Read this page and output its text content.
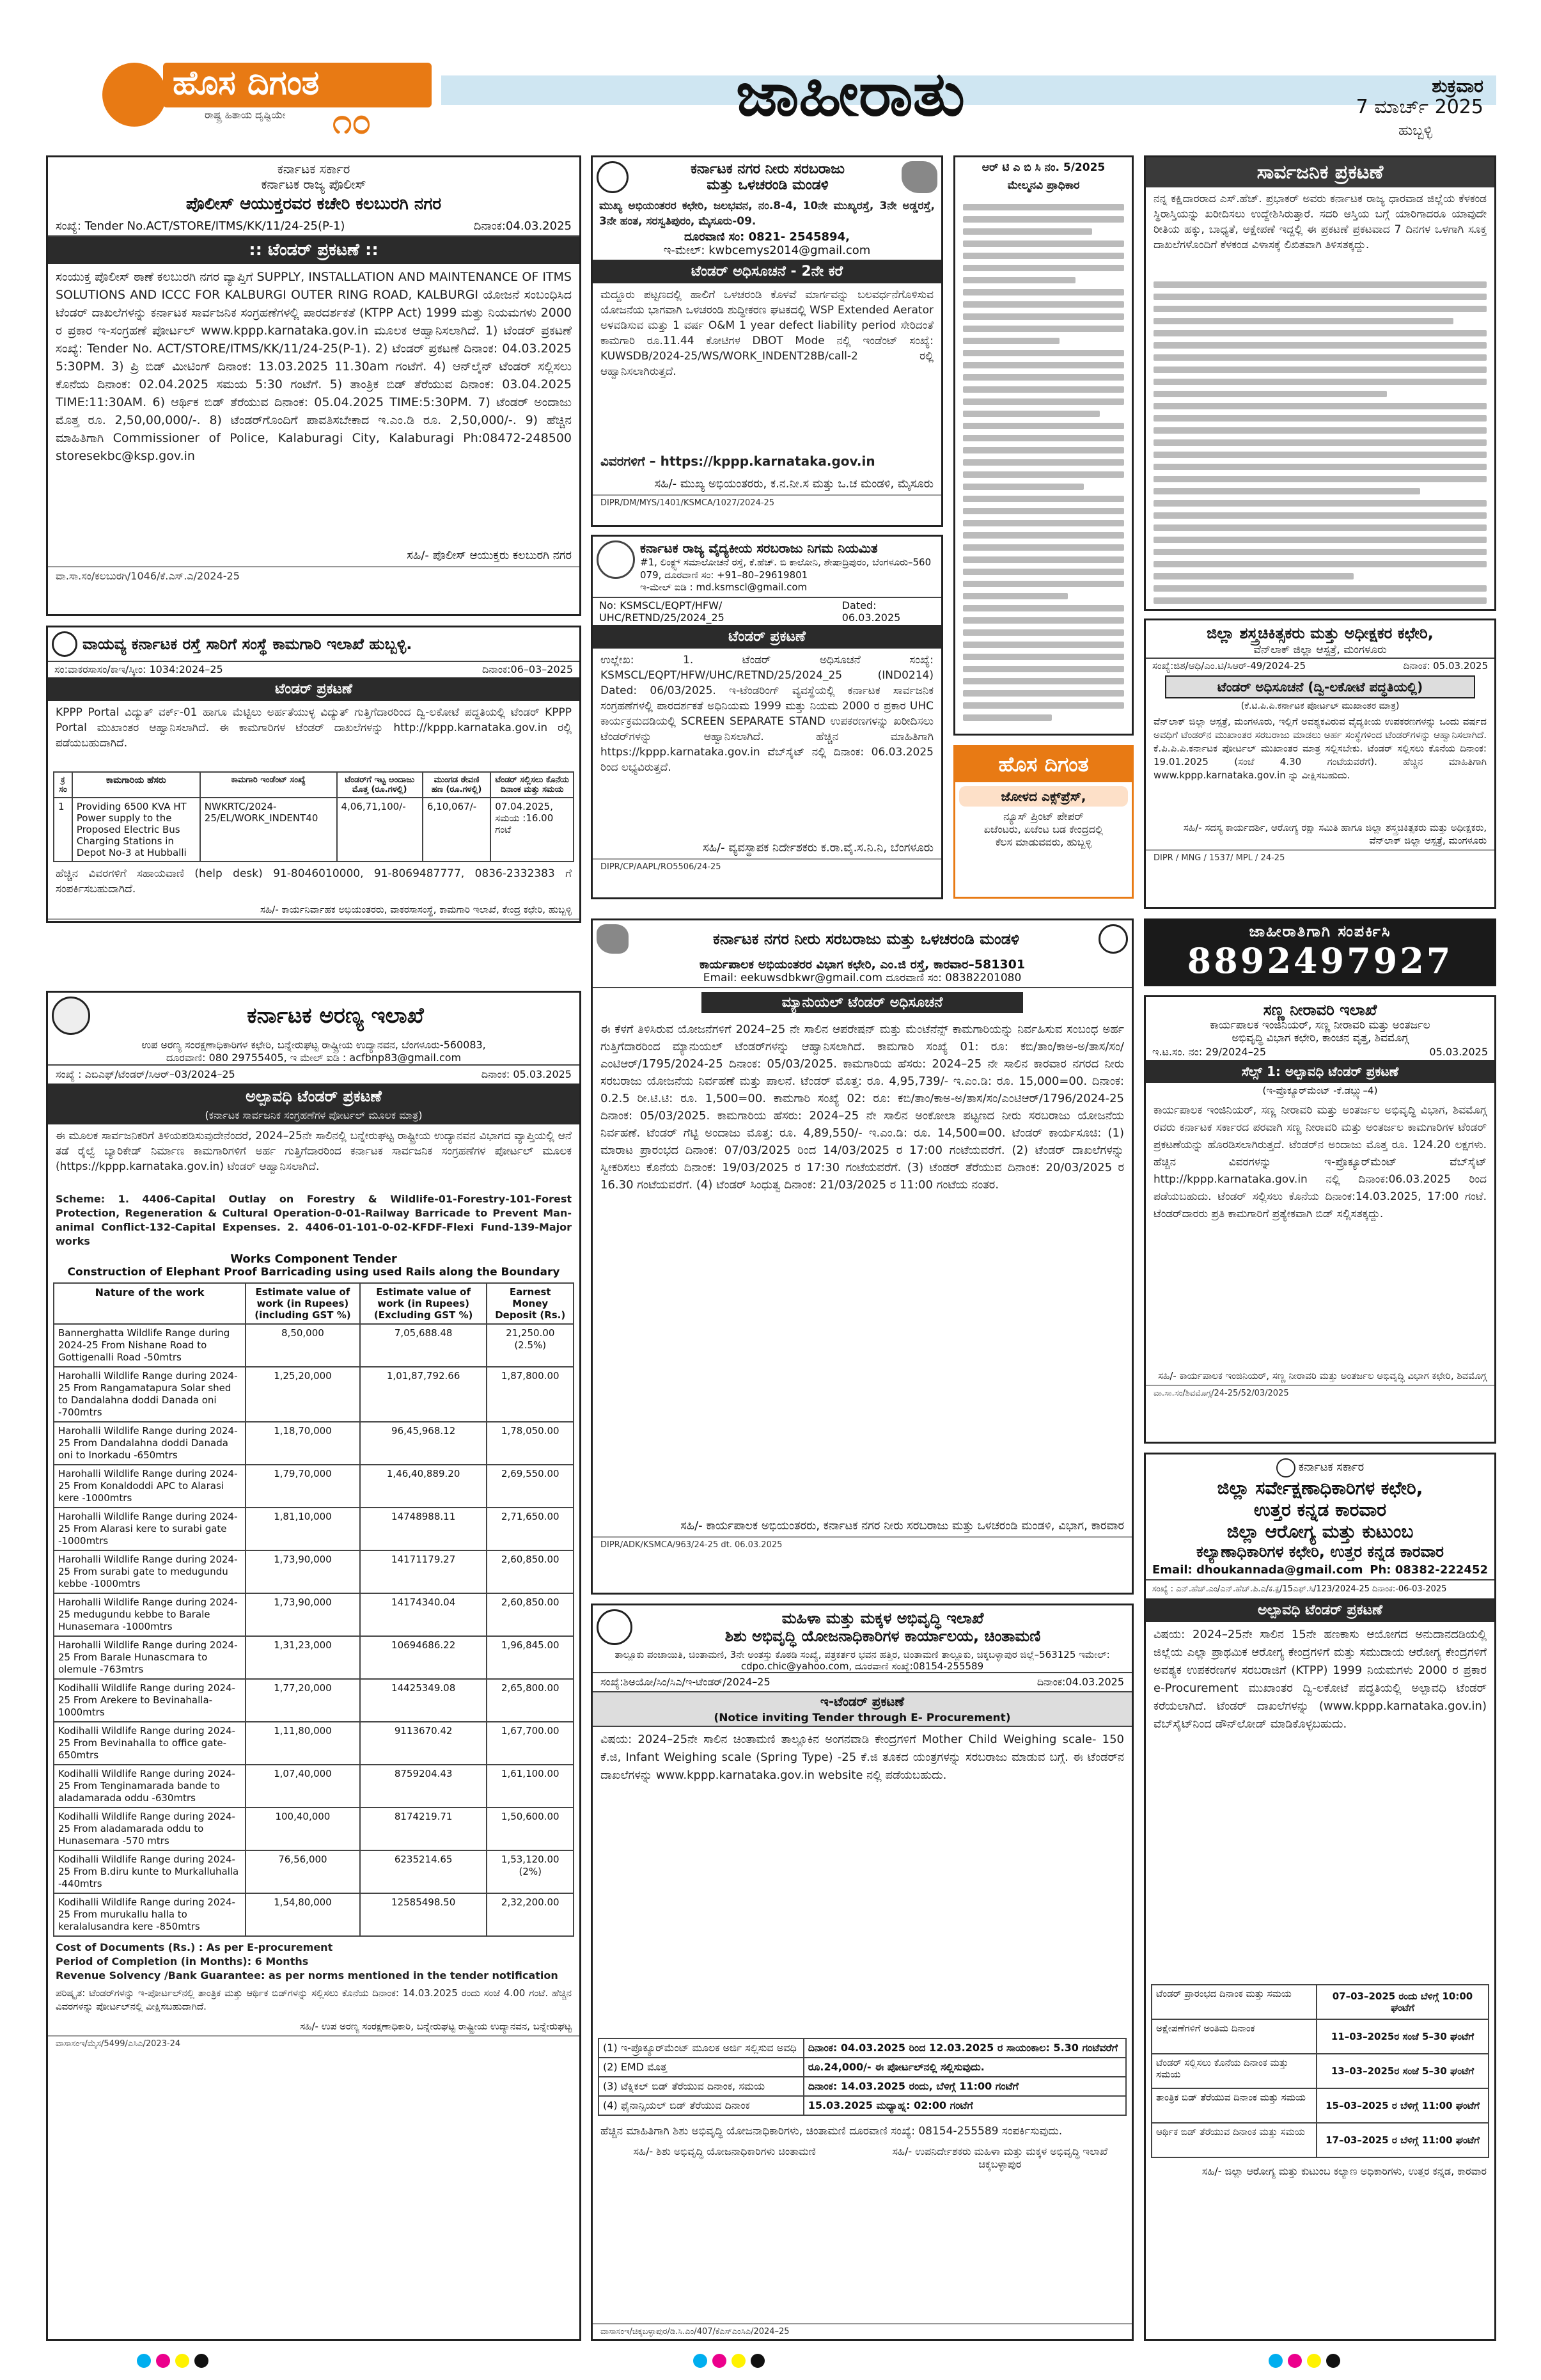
ಹೊಸ ದಿಗಂತ
ರಾಷ್ಟ್ರ ಹಿತಾಯ ದೃಷ್ಟಿಯೇ ೧೦	ಜಾಹೀರಾತು	ಶುಕ್ರವಾರ
7 ಮಾರ್ಚ್ 2025
ಹುಬ್ಬಳ್ಳಿ
ಕರ್ನಾಟಕ ಸರ್ಕಾರ
ಕರ್ನಾಟಕ ರಾಜ್ಯ ಪೊಲೀಸ್
ಪೊಲೀಸ್ ಆಯುಕ್ತರವರ ಕಚೇರಿ ಕಲಬುರಗಿ ನಗರ
ಸಂಖ್ಯೆ: Tender No.ACT/STORE/ITMS/KK/11/24-25(P-1)	ದಿನಾಂಕ:04.03.2025
:: ಟೆಂಡರ್ ಪ್ರಕಟಣೆ ::
ಸಂಯುಕ್ತ ಪೊಲೀಸ್ ಠಾಣೆ ಕಲಬುರಗಿ ನಗರ ವ್ಯಾಪ್ತಿಗೆ SUPPLY, INSTALLATION AND MAINTENANCE OF ITMS SOLUTIONS AND ICCC FOR KALBURGI OUTER RING ROAD, KALBURGI ಯೋಜನೆ ಸಂಬಂಧಿಸಿದ ಟೆಂಡರ್‌ ದಾಖಲೆಗಳನ್ನು ಕರ್ನಾಟಕ ಸಾರ್ವಜನಿಕ ಸಂಗ್ರಹಣೆಗಳಲ್ಲಿ ಪಾರದರ್ಶಕತೆ (KTPP Act) 1999 ಮತ್ತು ನಿಯಮಗಳು 2000 ರ ಪ್ರಕಾರ ಇ-ಸಂಗ್ರಹಣೆ ಪೋರ್ಟಲ್ www.kppp.karnataka.gov.in ಮೂಲಕ ಆಹ್ವಾನಿಸಲಾಗಿದೆ. 1) ಟೆಂಡರ್ ಪ್ರಕಟಣೆ ಸಂಖ್ಯೆ: Tender No. ACT/STORE/ITMS/KK/11/24-25(P-1). 2) ಟೆಂಡರ್ ಪ್ರಕಟಣೆ ದಿನಾಂಕ: 04.03.2025 5:30PM. 3) ಪ್ರಿ ಬಿಡ್ ಮೀಟಿಂಗ್ ದಿನಾಂಕ: 13.03.2025 11.30am ಗಂಟೆಗೆ. 4) ಆನ್‌ಲೈನ್ ಟೆಂಡರ್ ಸಲ್ಲಿಸಲು ಕೊನೆಯ ದಿನಾಂಕ: 02.04.2025 ಸಮಯ 5:30 ಗಂಟೆಗೆ. 5) ತಾಂತ್ರಿಕ ಬಿಡ್ ತೆರೆಯುವ ದಿನಾಂಕ: 03.04.2025 TIME:11:30AM. 6) ಆರ್ಥಿಕ ಬಿಡ್ ತೆರೆಯುವ ದಿನಾಂಕ: 05.04.2025 TIME:5:30PM. 7) ಟೆಂಡರ್ ಅಂದಾಜು ಮೊತ್ತ ರೂ. 2,50,00,000/-. 8) ಟೆಂಡರ್‌ಗೊಂದಿಗೆ ಪಾವತಿಸಬೇಕಾದ ಇ.ಎಂ.ಡಿ ರೂ. 2,50,000/-. 9) ಹೆಚ್ಚಿನ ಮಾಹಿತಿಗಾಗಿ Commissioner of Police, Kalaburagi City, Kalaburagi Ph:08472-248500 storesekbc@ksp.gov.in
ಸಹಿ/- ಪೊಲೀಸ್ ಆಯುಕ್ತರು ಕಲಬುರಗಿ ನಗರ
ವಾ.ಸಾ.ಸಂ/ಕಲಬುರಗಿ/1046/ಕೆ.ಎಸ್.ಎ/2024-25
ಕರ್ನಾಟಕ ನಗರ ನೀರು ಸರಬರಾಜು
ಮತ್ತು ಒಳಚರಂಡಿ ಮಂಡಳಿ
ಮುಖ್ಯ ಅಭಿಯಂತರರ ಕಛೇರಿ, ಜಲಭವನ, ನಂ.8-4, 10ನೇ ಮುಖ್ಯರಸ್ತೆ, 3ನೇ ಅಡ್ಡರಸ್ತೆ, 3ನೇ ಹಂತ, ಸರಸ್ವತಿಪುರಂ, ಮೈಸೂರು-09.
ದೂರವಾಣಿ ಸಂ: 0821- 2545894,
ಇ-ಮೇಲ್: kwbcemys2014@gmail.com
ಟೆಂಡರ್ ಅಧಿಸೂಚನೆ - 2ನೇ ಕರೆ
ಮದ್ದೂರು ಪಟ್ಟಣದಲ್ಲಿ ಹಾಲಿಗೆ ಒಳಚರಂಡಿ ಕೊಳವೆ ಮಾರ್ಗವನ್ನು ಬಲವರ್ಧನೆಗೊಳಿಸುವ ಯೋಜನೆಯ ಭಾಗವಾಗಿ ಒಳಚರಂಡಿ ಶುದ್ಧೀಕರಣ ಘಟಕದಲ್ಲಿ WSP Extended Aerator ಅಳವಡಿಸುವ ಮತ್ತು 1 ವರ್ಷ O&M 1 year defect liability period ಸೇರಿದಂತೆ ಕಾಮಗಾರಿ ರೂ.11.44 ಕೋಟಿಗಳ DBOT Mode ನಲ್ಲಿ ಇಂಡೆಂಟ್ ಸಂಖ್ಯೆ: KUWSDB/2024-25/WS/WORK_INDENT28B/call-2 ರಲ್ಲಿ ಆಹ್ವಾನಿಸಲಾಗಿರುತ್ತದೆ.
ವಿವರಗಳಿಗೆ – https://kppp.karnataka.gov.in
ಸಹಿ/- ಮುಖ್ಯ ಅಭಿಯಂತರರು, ಕ.ನ.ನೀ.ಸ ಮತ್ತು ಒ.ಚ ಮಂಡಳಿ, ಮೈಸೂರು
DIPR/DM/MYS/1401/KSMCA/1027/2024-25
ಆರ್ ಟಿ ಎ ಬಿ ಸಿ ನಂ. 5/2025
ಮೇಲ್ಮನವಿ ಪ್ರಾಧಿಕಾರ
ಸಾರ್ವಜನಿಕ ಪ್ರಕಟಣೆ
ನನ್ನ ಕಕ್ಷಿದಾರರಾದ ಎಸ್.ಹೆಚ್. ಪ್ರಭಾಕರ್ ಅವರು ಕರ್ನಾಟಕ ರಾಜ್ಯ ಧಾರವಾಡ ಜಿಲ್ಲೆಯ ಕೆಳಕಂಡ ಸ್ಥಿರಾಸ್ತಿಯನ್ನು ಖರೀದಿಸಲು ಉದ್ದೇಶಿಸಿರುತ್ತಾರೆ. ಸದರಿ ಆಸ್ತಿಯ ಬಗ್ಗೆ ಯಾರಿಗಾದರೂ ಯಾವುದೇ ರೀತಿಯ ಹಕ್ಕು, ಬಾಧ್ಯತೆ, ಆಕ್ಷೇಪಣೆ ಇದ್ದಲ್ಲಿ ಈ ಪ್ರಕಟಣೆ ಪ್ರಕಟವಾದ 7 ದಿನಗಳ ಒಳಗಾಗಿ ಸೂಕ್ತ ದಾಖಲೆಗಳೊಂದಿಗೆ ಕೆಳಕಂಡ ವಿಳಾಸಕ್ಕೆ ಲಿಖಿತವಾಗಿ ತಿಳಿಸತಕ್ಕದ್ದು.
ಕರ್ನಾಟಕ ರಾಜ್ಯ ವೈದ್ಯಕೀಯ ಸರಬರಾಜು ನಿಗಮ ನಿಯಮಿತ
#1, ಲಿಂಕ್ಟ್ಸ್ ಸಮಾಲೋಚನೆ ರಸ್ತೆ, ಕೆ.ಹೆಚ್. ಬಿ ಕಾಲೋನಿ, ಶೇಷಾದ್ರಿಪುರಂ, ಬೆಂಗಳೂರು–560 079, ದೂರವಾಣಿ ಸಂ: +91–80–29619801
ಇ-ಮೇಲ್ ಐಡಿ : md.ksmscl@gmail.com
No: KSMSCL/EQPT/HFW/ UHC/RETND/25/2024_25
Dated: 06.03.2025
ಟೆಂಡರ್ ಪ್ರಕಟಣೆ
ಉಲ್ಲೇಖ: 1. ಟೆಂಡರ್ ಅಧಿಸೂಚನೆ ಸಂಖ್ಯೆ: KSMSCL/EQPT/HFW/UHC/RETND/25/2024_25 (IND0214) Dated: 06/03/2025. ಇ-ಟೆಂಡರಿಂಗ್ ವ್ಯವಸ್ಥೆಯಲ್ಲಿ ಕರ್ನಾಟಕ ಸಾರ್ವಜನಿಕ ಸಂಗ್ರಹಣೆಗಳಲ್ಲಿ ಪಾರದರ್ಶಕತೆ ಅಧಿನಿಯಮ 1999 ಮತ್ತು ನಿಯಮ 2000 ರ ಪ್ರಕಾರ UHC ಕಾರ್ಯಕ್ರಮದಡಿಯಲ್ಲಿ SCREEN SEPARATE STAND ಉಪಕರಣಗಳನ್ನು ಖರೀದಿಸಲು ಟೆಂಡರ್‌ಗಳನ್ನು ಆಹ್ವಾನಿಸಲಾಗಿದೆ. ಹೆಚ್ಚಿನ ಮಾಹಿತಿಗಾಗಿ https://kppp.karnataka.gov.in ವೆಬ್‌ಸೈಟ್ ನಲ್ಲಿ ದಿನಾಂಕ: 06.03.2025 ರಿಂದ ಲಭ್ಯವಿರುತ್ತದೆ.
ಸಹಿ/- ವ್ಯವಸ್ಥಾಪಕ ನಿರ್ದೇಶಕರು ಕ.ರಾ.ವೈ.ಸ.ನಿ.ನಿ, ಬೆಂಗಳೂರು
DIPR/CP/AAPL/RO5506/24-25
ಜಿಲ್ಲಾ ಶಸ್ತ್ರಚಿಕಿತ್ಸಕರು ಮತ್ತು ಅಧೀಕ್ಷಕರ ಕಛೇರಿ,
ವೆನ್‌ಲಾಕ್ ಜಿಲ್ಲಾ ಆಸ್ಪತ್ರೆ, ಮಂಗಳೂರು
ಸಂಖ್ಯೆ:ಜಿಶ/ಆಧಿ/ಎಂ.ಟಿ/ಸಿಆರ್-49/2024-25	ದಿನಾಂಕ: 05.03.2025
ಟೆಂಡರ್ ಅಧಿಸೂಚನೆ (ದ್ವಿ-ಲಕೋಟೆ ಪದ್ಧತಿಯಲ್ಲಿ)
(ಕೆ.ಟಿ.ಪಿ.ಪಿ.ಕರ್ನಾಟಕ ಪೋರ್ಟಲ್ ಮುಖಾಂತರ ಮಾತ್ರ)
ವೆನ್‌ಲಾಕ್ ಜಿಲ್ಲಾ ಆಸ್ಪತ್ರೆ, ಮಂಗಳೂರು, ಇಲ್ಲಿಗೆ ಅವಶ್ಯಕವಿರುವ ವೈದ್ಯಕೀಯ ಉಪಕರಣಗಳನ್ನು ಒಂದು ವರ್ಷದ ಅವಧಿಗೆ ಟೆಂಡರ್‌ನ ಮುಖಾಂತರ ಸರಬರಾಜು ಮಾಡಲು ಅರ್ಹ ಸಂಸ್ಥೆಗಳಿಂದ ಟೆಂಡರ್‌ಗಳನ್ನು ಆಹ್ವಾನಿಸಲಾಗಿದೆ. ಕೆ.ಪಿ.ಪಿ.ಪಿ.ಕರ್ನಾಟಕ ಪೋರ್ಟಲ್ ಮುಖಾಂತರ ಮಾತ್ರ ಸಲ್ಲಿಸಬೇಕು. ಟೆಂಡರ್ ಸಲ್ಲಿಸಲು ಕೊನೆಯ ದಿನಾಂಕ: 19.01.2025 (ಸಂಜೆ 4.30 ಗಂಟೆಯವರೆಗೆ). ಹೆಚ್ಚಿನ ಮಾಹಿತಿಗಾಗಿ www.kppp.karnataka.gov.in ನ್ನು ವೀಕ್ಷಿಸಬಹುದು.
ಸಹಿ/- ಸದಸ್ಯ ಕಾರ್ಯದರ್ಶಿ, ಆರೋಗ್ಯ ರಕ್ಷಾ ಸಮಿತಿ ಹಾಗೂ ಜಿಲ್ಲಾ ಶಸ್ತ್ರಚಿಕಿತ್ಸಕರು ಮತ್ತು ಅಧೀಕ್ಷಕರು, ವೆನ್‌ಲಾಕ್ ಜಿಲ್ಲಾ ಆಸ್ಪತ್ರೆ, ಮಂಗಳೂರು
DIPR / MNG / 1537/ MPL / 24-25
ವಾಯವ್ಯ ಕರ್ನಾಟಕ ರಸ್ತೆ ಸಾರಿಗೆ ಸಂಸ್ಥೆ ಕಾಮಗಾರಿ ಇಲಾಖೆ ಹುಬ್ಬಳ್ಳಿ.
ಸಂ:ವಾಕರಸಾಸಂ/ಕಾಇ/ಸ್ಕೀಂ: 1034:2024–25	ದಿನಾಂಕ:06–03–2025
ಟೆಂಡರ್ ಪ್ರಕಟಣೆ
KPPP Portal ವಿದ್ಯುತ್ ವರ್ಕ್-01 ಹಾಗೂ ಮೆಟ್ಟಿಲು ಅರ್ಹತೆಯುಳ್ಳ ವಿದ್ಯುತ್ ಗುತ್ತಿಗೆದಾರರಿಂದ ದ್ವಿ-ಲಕೋಟೆ ಪದ್ಧತಿಯಲ್ಲಿ ಟೆಂಡರ್ KPPP Portal ಮುಖಾಂತರ ಆಹ್ವಾನಿಸಲಾಗಿದೆ. ಈ ಕಾಮಗಾರಿಗಳ ಟೆಂಡರ್ ದಾಖಲೆಗಳನ್ನು http://kppp.karnataka.gov.in ರಲ್ಲಿ ಪಡೆಯಬಹುದಾಗಿದೆ.
ಕ್ರ ಸಂ	ಕಾಮಗಾರಿಯ ಹೆಸರು	ಕಾಮಗಾರಿ ಇಂಡೆಂಟ್ ಸಂಖ್ಯೆ	ಟೆಂಡರ್‌ಗೆ ಇಟ್ಟ ಅಂದಾಜು ಮೊತ್ತ (ರೂ.ಗಳಲ್ಲಿ)	ಮುಂಗಡ ಠೇವಣಿ ಹಣ (ರೂ.ಗಳಲ್ಲಿ)	ಟೆಂಡರ್ ಸಲ್ಲಿಸಲು ಕೊನೆಯ ದಿನಾಂಕ ಮತ್ತು ಸಮಯ
1	Providing 6500 KVA HT Power supply to the Proposed Electric Bus Charging Stations in Depot No-3 at Hubballi	NWKRTC/2024-25/EL/WORK_INDENT40	4,06,71,100/-	6,10,067/-	07.04.2025, ಸಮಯ :16.00 ಗಂಟೆ
ಹೆಚ್ಚಿನ ವಿವರಗಳಿಗೆ ಸಹಾಯವಾಣಿ (help desk) 91-8046010000, 91-8069487777, 0836-2332383 ಗೆ ಸಂಪರ್ಕಿಸಬಹುದಾಗಿದೆ.
ಸಹಿ/- ಕಾರ್ಯನಿರ್ವಾಹಕ ಅಭಿಯಂತರರು, ವಾಕರಸಾಸಂಸ್ಥೆ, ಕಾಮಗಾರಿ ಇಲಾಖೆ, ಕೇಂದ್ರ ಕಛೇರಿ, ಹುಬ್ಬಳ್ಳಿ
ಹೊಸ ದಿಗಂತ
ಜೋಳದ ಎಕ್ಸ್‌ಪ್ರೆಸ್,
ನ್ಯೂಸ್ ಪ್ರಿಂಟ್ ಪೇಪರ್
ಏಜೆಂಟರು, ಏಜೆಂಟ ಬಡ ಕೇಂದ್ರದಲ್ಲಿ
ಕೆಲಸ ಮಾಡುವವರು, ಹುಬ್ಬಳ್ಳಿ
ಜಾಹೀರಾತಿಗಾಗಿ ಸಂಪರ್ಕಿಸಿ
8892497927
ಕರ್ನಾಟಕ ನಗರ ನೀರು ಸರಬರಾಜು ಮತ್ತು ಒಳಚರಂಡಿ ಮಂಡಳಿ
ಕಾರ್ಯಪಾಲಕ ಅಭಿಯಂತರರ ವಿಭಾಗ ಕಛೇರಿ, ಎಂ.ಜಿ ರಸ್ತೆ, ಕಾರವಾರ–581301
Email: eekuwsdbkwr@gmail.com ದೂರವಾಣಿ ಸಂ: 08382201080
ಮ್ಯಾನುಯಲ್ ಟೆಂಡರ್ ಅಧಿಸೂಚನೆ
ಈ ಕೆಳಗೆ ತಿಳಿಸಿರುವ ಯೋಜನೆಗಳಿಗೆ 2024–25 ನೇ ಸಾಲಿನ ಆಪರೇಷನ್ ಮತ್ತು ಮೆಂಟೆನೆನ್ಸ್ ಕಾಮಗಾರಿಯನ್ನು ನಿರ್ವಹಿಸುವ ಸಂಬಂಧ ಅರ್ಹ ಗುತ್ತಿಗೆದಾರರಿಂದ ಮ್ಯಾನುಯಲ್ ಟೆಂಡರ್‌ಗಳನ್ನು ಆಹ್ವಾನಿಸಲಾಗಿದೆ. ಕಾಮಗಾರಿ ಸಂಖ್ಯೆ 01: ರೂ: ಕಬಿ/ತಾಂ/ಕಾಅ-ಅ/ತಾಸ/ಸಂ/ಎಂಟಿಆರ್/1795/2024-25 ದಿನಾಂಕ: 05/03/2025. ಕಾಮಗಾರಿಯ ಹೆಸರು: 2024–25 ನೇ ಸಾಲಿನ ಕಾರವಾರ ನಗರದ ನೀರು ಸರಬರಾಜು ಯೋಜನೆಯ ನಿರ್ವಹಣೆ ಮತ್ತು ಪಾಲನೆ. ಟೆಂಡರ್ ಮೊತ್ತ: ರೂ. 4,95,739/- ಇ.ಎಂ.ಡಿ: ರೂ. 15,000=00. ದಿನಾಂಕ: 0.2.5 ರೀ.ಟಿ.ಟಿ: ರೂ. 1,500=00. ಕಾಮಗಾರಿ ಸಂಖ್ಯೆ 02: ರೂ: ಕಬಿ/ತಾಂ/ಕಾಅ-ಅ/ತಾಸ/ಸಂ/ಎಂಟಿಆರ್/1796/2024-25 ದಿನಾಂಕ: 05/03/2025. ಕಾಮಗಾರಿಯ ಹೆಸರು: 2024–25 ನೇ ಸಾಲಿನ ಅಂಕೋಲಾ ಪಟ್ಟಣದ ನೀರು ಸರಬರಾಜು ಯೋಜನೆಯ ನಿರ್ವಹಣೆ. ಟೆಂಡರ್ ಗೆಟ್ಟಿ ಅಂದಾಜು ಮೊತ್ತ: ರೂ. 4,89,550/- ಇ.ಎಂ.ಡಿ: ರೂ. 14,500=00. ಟೆಂಡರ್ ಕಾರ್ಯಸೂಚಿ: (1) ಮಾರಾಟ ಪ್ರಾರಂಭದ ದಿನಾಂಕ: 07/03/2025 ರಿಂದ 14/03/2025 ರ 17:00 ಗಂಟೆಯವರೆಗೆ. (2) ಟೆಂಡರ್ ದಾಖಲೆಗಳನ್ನು ಸ್ವೀಕರಿಸಲು ಕೊನೆಯ ದಿನಾಂಕ: 19/03/2025 ರ 17:30 ಗಂಟೆಯವರೆಗೆ. (3) ಟೆಂಡರ್ ತೆರೆಯುವ ದಿನಾಂಕ: 20/03/2025 ರ 16.30 ಗಂಟೆಯವರೆಗೆ. (4) ಟೆಂಡರ್ ಸಿಂಧುತ್ವ ದಿನಾಂಕ: 21/03/2025 ರ 11:00 ಗಂಟೆಯ ನಂತರ.
ಸಹಿ/- ಕಾರ್ಯಪಾಲಕ ಅಭಿಯಂತರರು, ಕರ್ನಾಟಕ ನಗರ ನೀರು ಸರಬರಾಜು ಮತ್ತು ಒಳಚರಂಡಿ ಮಂಡಳಿ, ವಿಭಾಗ, ಕಾರವಾರ
DIPR/ADK/KSMCA/963/24-25 dt. 06.03.2025
ಸಣ್ಣ ನೀರಾವರಿ ಇಲಾಖೆ
ಕಾರ್ಯಪಾಲಕ ಇಂಜಿನಿಯರ್, ಸಣ್ಣ ನೀರಾವರಿ ಮತ್ತು ಅಂತರ್ಜಲ
ಅಭಿವೃದ್ಧಿ ವಿಭಾಗ ಕಛೇರಿ, ಕಾಂಚನ ವೃತ್ತ, ಶಿವಮೊಗ್ಗ
ಇ.ಟ.ಸಂ. ನಂ: 29/2024–25	05.03.2025
ಸೆಲ್ಸ್ 1: ಅಲ್ಪಾವಧಿ ಟೆಂಡರ್ ಪ್ರಕಟಣೆ
(ಇ-ಪ್ರೊಕ್ಯೂರ್‌ಮೆಂಟ್ -ಕೆ.ಡಬ್ಲ್ಯು–4)
ಕಾರ್ಯಪಾಲಕ ಇಂಜಿನಿಯರ್, ಸಣ್ಣ ನೀರಾವರಿ ಮತ್ತು ಅಂತರ್ಜಲ ಅಭಿವೃದ್ಧಿ ವಿಭಾಗ, ಶಿವಮೊಗ್ಗ ರವರು ಕರ್ನಾಟಕ ಸರ್ಕಾರದ ಪರವಾಗಿ ಸಣ್ಣ ನೀರಾವರಿ ಮತ್ತು ಅಂತರ್ಜಲ ಕಾಮಗಾರಿಗಳ ಟೆಂಡರ್ ಪ್ರಕಟಣೆಯನ್ನು ಹೊರಡಿಸಲಾಗಿರುತ್ತದೆ. ಟೆಂಡರ್‌ನ ಅಂದಾಜು ಮೊತ್ತ ರೂ. 124.20 ಲಕ್ಷಗಳು. ಹೆಚ್ಚಿನ ವಿವರಗಳನ್ನು ಇ-ಪ್ರೊಕ್ಯೂರ್‌ಮೆಂಟ್ ವೆಬ್‌ಸೈಟ್ http://kppp.karnataka.gov.in ನಲ್ಲಿ ದಿನಾಂಕ:06.03.2025 ರಿಂದ ಪಡೆಯಬಹುದು. ಟೆಂಡರ್ ಸಲ್ಲಿಸಲು ಕೊನೆಯ ದಿನಾಂಕ:14.03.2025, 17:00 ಗಂಟೆ. ಟೆಂಡರ್‌ದಾರರು ಪ್ರತಿ ಕಾಮಗಾರಿಗೆ ಪ್ರತ್ಯೇಕವಾಗಿ ಬಿಡ್ ಸಲ್ಲಿಸತಕ್ಕದ್ದು.
ಸಹಿ/- ಕಾರ್ಯಪಾಲಕ ಇಂಜಿನಿಯರ್, ಸಣ್ಣ ನೀರಾವರಿ ಮತ್ತು ಅಂತರ್ಜಲ ಅಭಿವೃದ್ಧಿ ವಿಭಾಗ ಕಛೇರಿ, ಶಿವಮೊಗ್ಗ
ವಾ.ಸಾ.ಸಂ/ಶಿವಮೊಗ್ಗ/24-25/52/03/2025
ಕರ್ನಾಟಕ ಅರಣ್ಯ ಇಲಾಖೆ
ಉಪ ಅರಣ್ಯ ಸಂರಕ್ಷಣಾಧಿಕಾರಿಗಳ ಕಛೇರಿ, ಬನ್ನೇರುಘಟ್ಟ ರಾಷ್ಟ್ರೀಯ ಉದ್ಯಾನವನ, ಬೆಂಗಳೂರು-560083,
ದೂರವಾಣಿ: 080 29755405, ಇ ಮೇಲ್ ಐಡಿ : acfbnp83@gmail.com
ಸಂಖ್ಯೆ : ಎಬಿಎಫ್/ಟೆಂಡರ್/ಸಿಆರ್–03/2024–25	ದಿನಾಂಕ: 05.03.2025
ಅಲ್ಪಾವಧಿ ಟೆಂಡರ್ ಪ್ರಕಟಣೆ
(ಕರ್ನಾಟಕ ಸಾರ್ವಜನಿಕ ಸಂಗ್ರಹಣೆಗಳ ಪೋರ್ಟಲ್ ಮೂಲಕ ಮಾತ್ರ)
ಈ ಮೂಲಕ ಸಾರ್ವಜನಿಕರಿಗೆ ತಿಳಿಯಪಡಿಸುವುದೇನೆಂದರೆ, 2024–25ನೇ ಸಾಲಿನಲ್ಲಿ ಬನ್ನೇರುಘಟ್ಟ ರಾಷ್ಟ್ರೀಯ ಉದ್ಯಾನವನ ವಿಭಾಗದ ವ್ಯಾಪ್ತಿಯಲ್ಲಿ ಆನೆ ತಡೆ ರೈಲ್ವೆ ಬ್ಯಾರಿಕೇಡ್ ನಿರ್ಮಾಣ ಕಾಮಗಾರಿಗಳಿಗೆ ಅರ್ಹ ಗುತ್ತಿಗೆದಾರರಿಂದ ಕರ್ನಾಟಕ ಸಾರ್ವಜನಿಕ ಸಂಗ್ರಹಣೆಗಳ ಪೋರ್ಟಲ್ ಮೂಲಕ (https://kppp.karnataka.gov.in) ಟೆಂಡರ್ ಆಹ್ವಾನಿಸಲಾಗಿದೆ.
Scheme: 1. 4406-Capital Outlay on Forestry & Wildlife-01-Forestry-101-Forest Protection, Regeneration & Cultural Operation-0-01-Railway Barricade to Prevent Man-animal Conflict-132-Capital Expenses. 2. 4406-01-101-0-02-KFDF-Flexi Fund-139-Major works
Works Component Tender
Construction of Elephant Proof Barricading using used Rails along the Boundary
Nature of the work	Estimate value of work (in Rupees) (including GST %)	Estimate value of work (in Rupees) (Excluding GST %)	Earnest Money Deposit (Rs.)
Bannerghatta Wildlife Range during 2024-25 From Nishane Road to Gottigenalli Road -50mtrs	8,50,000	7,05,688.48	21,250.00 (2.5%)
Harohalli Wildlife Range during 2024-25 From Rangamatapura Solar shed to Dandalahna doddi Danada oni -700mtrs	1,25,20,000	1,01,87,792.66	1,87,800.00
Harohalli Wildlife Range during 2024-25 From Dandalahna doddi Danada oni to Inorkadu -650mtrs	1,18,70,000	96,45,968.12	1,78,050.00
Harohalli Wildlife Range during 2024-25 From Konaldoddi APC to Alarasi kere -1000mtrs	1,79,70,000	1,46,40,889.20	2,69,550.00
Harohalli Wildlife Range during 2024-25 From Alarasi kere to surabi gate -1000mtrs	1,81,10,000	14748988.11	2,71,650.00
Harohalli Wildlife Range during 2024-25 From surabi gate to medugundu kebbe -1000mtrs	1,73,90,000	14171179.27	2,60,850.00
Harohalli Wildlife Range during 2024-25 medugundu kebbe to Barale Hunasemara -1000mtrs	1,73,90,000	14174340.04	2,60,850.00
Harohalli Wildlife Range during 2024-25 From Barale Hunascmara to olemule -763mtrs	1,31,23,000	10694686.22	1,96,845.00
Kodihalli Wildlife Range during 2024-25 From Arekere to Bevinahalla-1000mtrs	1,77,20,000	14425349.08	2,65,800.00
Kodihalli Wildlife Range during 2024-25 From Bevinahalla to office gate-650mtrs	1,11,80,000	9113670.42	1,67,700.00
Kodihalli Wildlife Range during 2024-25 From Tenginamarada bande to aladamarada oddu -630mtrs	1,07,40,000	8759204.43	1,61,100.00
Kodihalli Wildlife Range during 2024-25 From aladamarada oddu to Hunasemara -570 mtrs	100,40,000	8174219.71	1,50,600.00
Kodihalli Wildlife Range during 2024-25 From B.diru kunte to Murkalluhalla -440mtrs	76,56,000	6235214.65	1,53,120.00 (2%)
Kodihalli Wildlife Range during 2024-25 From murukallu halla to keralalusandra kere -850mtrs	1,54,80,000	12585498.50	2,32,200.00
Cost of Documents (Rs.) : As per E-procurement
Period of Completion (in Months): 6 Months
Revenue Solvency /Bank Guarantee: as per norms mentioned in the tender notification
ಪರಿಷ್ಕೃತ: ಟೆಂಡರ್‌ಗಳನ್ನು ಇ-ಪೋರ್ಟಲ್‌ನಲ್ಲಿ ತಾಂತ್ರಿಕ ಮತ್ತು ಆರ್ಥಿಕ ಬಿಡ್‌ಗಳನ್ನು ಸಲ್ಲಿಸಲು ಕೊನೆಯ ದಿನಾಂಕ: 14.03.2025 ರಂದು ಸಂಜೆ 4.00 ಗಂಟೆ. ಹೆಚ್ಚಿನ ವಿವರಗಳನ್ನು ಪೋರ್ಟಲ್‌ನಲ್ಲಿ ವೀಕ್ಷಿಸಬಹುದಾಗಿದೆ.
ಸಹಿ/- ಉಪ ಅರಣ್ಯ ಸಂರಕ್ಷಣಾಧಿಕಾರಿ, ಬನ್ನೇರುಘಟ್ಟ ರಾಷ್ಟ್ರೀಯ ಉದ್ಯಾನವನ, ಬನ್ನೇರುಘಟ್ಟ
ವಾಸಾಸಂಇ/ಮೈಸ/5499/ಎಸಿಎ/2023-24
ಕರ್ನಾಟಕ ಸರ್ಕಾರ
ಜಿಲ್ಲಾ ಸರ್ವೇಕ್ಷಣಾಧಿಕಾರಿಗಳ ಕಛೇರಿ,
ಉತ್ತರ ಕನ್ನಡ ಕಾರವಾರ
ಜಿಲ್ಲಾ ಆರೋಗ್ಯ ಮತ್ತು ಕುಟುಂಬ
ಕಲ್ಯಾಣಾಧಿಕಾರಿಗಳ ಕಛೇರಿ, ಉತ್ತರ ಕನ್ನಡ ಕಾರವಾರ
Email: dhoukannada@gmail.com Ph: 08382-222452
ಸಂಖ್ಯೆ : ಎನ್.ಹೆಚ್.ಎಂ/ಎನ್.ಹೆಚ್.ಪಿ.ಎ/ಕ.ಕ್ಷ/15ಎಫ್.ಸಿ/123/2024-25 ದಿನಾಂಕ:-06-03-2025
ಅಲ್ಪಾವಧಿ ಟೆಂಡರ್ ಪ್ರಕಟಣೆ
ವಿಷಯ: 2024–25ನೇ ಸಾಲಿನ 15ನೇ ಹಣಕಾಸು ಆಯೋಗದ ಅನುದಾನದಡಿಯಲ್ಲಿ ಜಿಲ್ಲೆಯ ಎಲ್ಲಾ ಪ್ರಾಥಮಿಕ ಆರೋಗ್ಯ ಕೇಂದ್ರಗಳಿಗೆ ಮತ್ತು ಸಮುದಾಯ ಆರೋಗ್ಯ ಕೇಂದ್ರಗಳಿಗೆ ಅವಶ್ಯಕ ಉಪಕರಣಗಳ ಸರಬರಾಜಿಗೆ (KTPP) 1999 ನಿಯಮಗಳು 2000 ರ ಪ್ರಕಾರ e-Procurement ಮುಖಾಂತರ ದ್ವಿ-ಲಕೋಟೆ ಪದ್ಧತಿಯಲ್ಲಿ ಅಲ್ಪಾವಧಿ ಟೆಂಡರ್ ಕರೆಯಲಾಗಿದೆ. ಟೆಂಡರ್ ದಾಖಲೆಗಳನ್ನು (www.kppp.karnataka.gov.in) ವೆಬ್‌ಸೈಟ್‌ನಿಂದ ಡೌನ್‌ಲೋಡ್ ಮಾಡಿಕೊಳ್ಳಬಹುದು.
ಟೆಂಡರ್ ಪ್ರಾರಂಭದ ದಿನಾಂಕ ಮತ್ತು ಸಮಯ	07–03–2025 ರಂದು ಬೆಳಿಗ್ಗೆ 10:00 ಘಂಟೆಗೆ
ಅಕ್ಷೇಪಣೆಗಳಿಗೆ ಅಂತಿಮ ದಿನಾಂಕ	11–03–2025ರ ಸಂಜೆ 5–30 ಘಂಟೆಗೆ
ಟೆಂಡರ್ ಸಲ್ಲಿಸಲು ಕೊನೆಯ ದಿನಾಂಕ ಮತ್ತು ಸಮಯ	13–03–2025ರ ಸಂಜೆ 5–30 ಘಂಟೆಗೆ
ತಾಂತ್ರಿಕ ಬಿಡ್ ತೆರೆಯುವ ದಿನಾಂಕ ಮತ್ತು ಸಮಯ	15–03–2025 ರ ಬೆಳಿಗ್ಗೆ 11:00 ಘಂಟೆಗೆ
ಆರ್ಥಿಕ ಬಿಡ್ ತೆರೆಯುವ ದಿನಾಂಕ ಮತ್ತು ಸಮಯ	17–03–2025 ರ ಬೆಳಿಗ್ಗೆ 11:00 ಘಂಟೆಗೆ
ಸಹಿ/- ಜಿಲ್ಲಾ ಆರೋಗ್ಯ ಮತ್ತು ಕುಟುಂಬ ಕಲ್ಯಾಣ ಅಧಿಕಾರಿಗಳು, ಉತ್ತರ ಕನ್ನಡ, ಕಾರವಾರ
ಮಹಿಳಾ ಮತ್ತು ಮಕ್ಕಳ ಅಭಿವೃದ್ಧಿ ಇಲಾಖೆ
ಶಿಶು ಅಭಿವೃದ್ಧಿ ಯೋಜನಾಧಿಕಾರಿಗಳ ಕಾರ್ಯಾಲಯ, ಚಿಂತಾಮಣಿ
ತಾಲ್ಲೂಕು ಪಂಚಾಯಿತಿ, ಚಿಂತಾಮಣಿ, 3ನೇ ಅಂತಸ್ತು ಕೊಠಡಿ ಸಂಖ್ಯೆ, ಪತ್ರಕರ್ತರ ಭವನ ಹತ್ತಿರ, ಚಿಂತಾಮಣಿ ತಾಲ್ಲೂಕು, ಚಿಕ್ಕಬಳ್ಳಾಪುರ ಜಿಲ್ಲೆ–563125 ಇಮೇಲ್: cdpo.chic@yahoo.com, ದೂರವಾಣಿ ಸಂಖ್ಯೆ:08154-255589
ಸಂಖ್ಯೆ:ಶಿಅಯೋ/ಸಿಂ/ಸಿಎ/ಇ-ಟೆಂಡರ್/2024–25	ದಿನಾಂಕ:04.03.2025
ಇ-ಟೆಂಡರ್ ಪ್ರಕಟಣೆ
(Notice inviting Tender through E- Procurement)
ವಿಷಯ: 2024–25ನೇ ಸಾಲಿನ ಚಿಂತಾಮಣಿ ತಾಲ್ಲೂಕಿನ ಅಂಗನವಾಡಿ ಕೇಂದ್ರಗಳಿಗೆ Mother Child Weighing scale- 150 ಕೆ.ಜಿ, Infant Weighing scale (Spring Type) -25 ಕೆ.ಜಿ ತೂಕದ ಯಂತ್ರಗಳನ್ನು ಸರಬರಾಜು ಮಾಡುವ ಬಗ್ಗೆ. ಈ ಟೆಂಡರ್‌ನ ದಾಖಲೆಗಳನ್ನು www.kppp.karnataka.gov.in website ನಲ್ಲಿ ಪಡೆಯಬಹುದು.
(1) ಇ-ಪ್ರೊಕ್ಯೂರ್‌ಮೆಂಟ್ ಮೂಲಕ ಅರ್ಜಿ ಸಲ್ಲಿಸುವ ಅವಧಿ	ದಿನಾಂಕ: 04.03.2025 ರಿಂದ 12.03.2025 ರ ಸಾಯಂಕಾಲ: 5.30 ಗಂಟೆವರೆಗೆ
(2) EMD ಮೊತ್ತ	ರೂ.24,000/- ಈ ಪೋರ್ಟಲ್‌ನಲ್ಲಿ ಸಲ್ಲಿಸುವುದು.
(3) ಟೆಕ್ನಿಕಲ್ ಬಿಡ್ ತೆರೆಯುವ ದಿನಾಂಕ, ಸಮಯ	ದಿನಾಂಕ: 14.03.2025 ರಂದು, ಬೆಳಿಗ್ಗೆ 11:00 ಗಂಟೆಗೆ
(4) ಫೈನಾನ್ಸಿಯಲ್ ಬಿಡ್ ತೆರೆಯುವ ದಿನಾಂಕ	15.03.2025 ಮಧ್ಯಾಹ್ನ: 02:00 ಗಂಟೆಗೆ
ಹೆಚ್ಚಿನ ಮಾಹಿತಿಗಾಗಿ ಶಿಶು ಅಭಿವೃದ್ಧಿ ಯೋಜನಾಧಿಕಾರಿಗಳು, ಚಿಂತಾಮಣಿ ದೂರವಾಣಿ ಸಂಖ್ಯೆ: 08154-255589 ಸಂಪರ್ಕಿಸುವುದು.
ಸಹಿ/- ಶಿಶು ಅಭಿವೃದ್ಧಿ ಯೋಜನಾಧಿಕಾರಿಗಳು ಚಿಂತಾಮಣಿ	ಸಹಿ/- ಉಪನಿರ್ದೇಶಕರು ಮಹಿಳಾ ಮತ್ತು ಮಕ್ಕಳ ಅಭಿವೃದ್ಧಿ ಇಲಾಖೆ ಚಿಕ್ಕಬಳ್ಳಾಪುರ
ವಾಸಾಸಂಇ/ಚಿಕ್ಕಬಳ್ಳಾಪುರ/ಡಿ.ಸಿ.ಎಂ/407/ಕೆಎಸ್ಎಂಸಿಎ/2024–25
